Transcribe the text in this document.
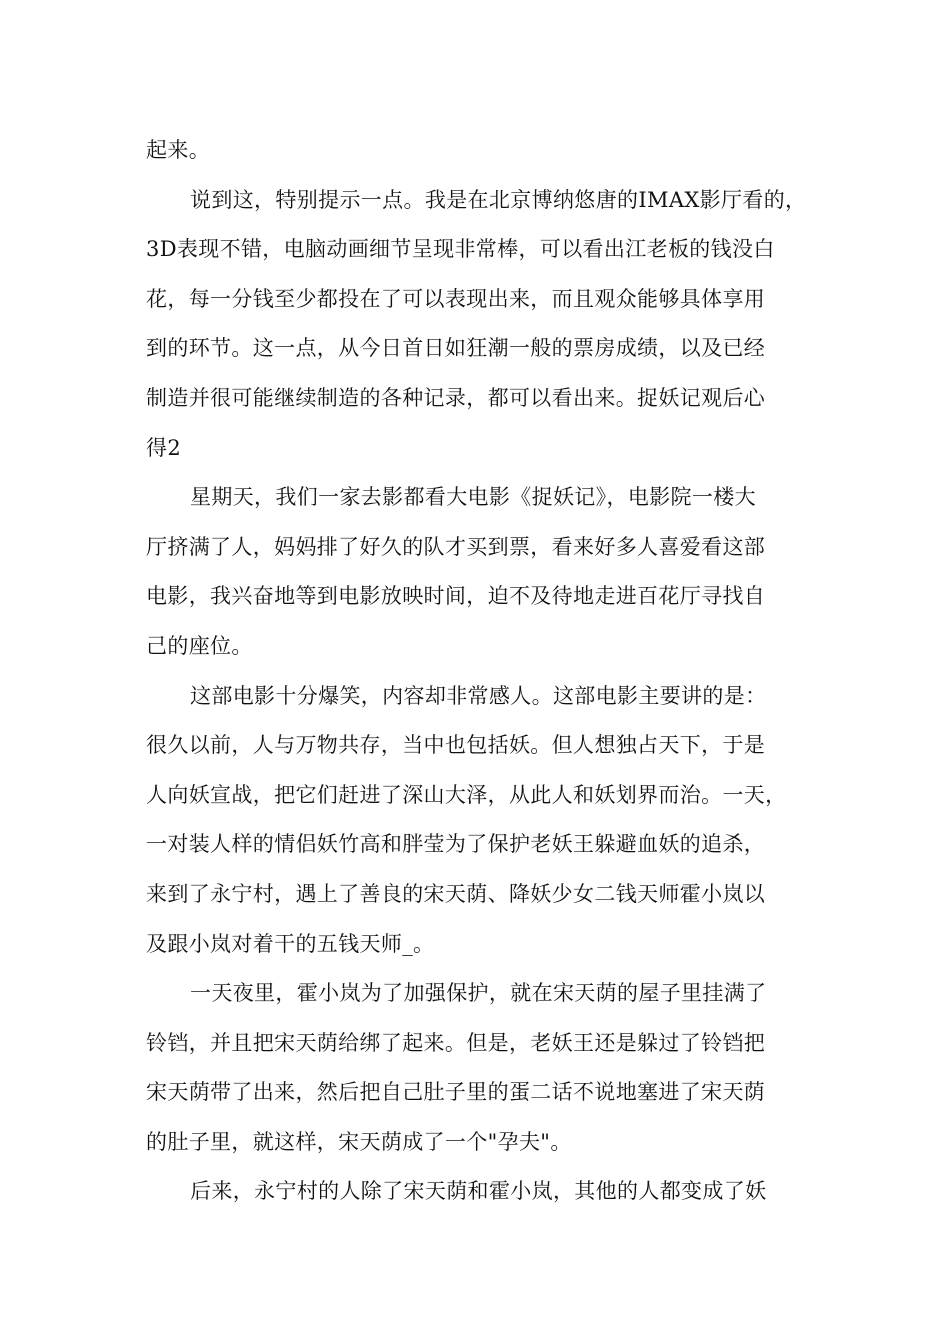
起来。
说到这，特别提示一点。我是在北京博纳悠唐的IMAX影厅看的，
3D表现不错，电脑动画细节呈现非常棒，可以看出江老板的钱没白
花，每一分钱至少都投在了可以表现出来，而且观众能够具体享用
到的环节。这一点，从今日首日如狂潮一般的票房成绩，以及已经
制造并很可能继续制造的各种记录，都可以看出来。捉妖记观后心
得2
星期天，我们一家去影都看大电影《捉妖记》，电影院一楼大
厅挤满了人，妈妈排了好久的队才买到票，看来好多人喜爱看这部
电影，我兴奋地等到电影放映时间，迫不及待地走进百花厅寻找自
己的座位。
这部电影十分爆笑，内容却非常感人。这部电影主要讲的是：
很久以前，人与万物共存，当中也包括妖。但人想独占天下，于是
人向妖宣战，把它们赶进了深山大泽，从此人和妖划界而治。一天，
一对装人样的情侣妖竹高和胖莹为了保护老妖王躲避血妖的追杀，
来到了永宁村，遇上了善良的宋天荫、降妖少女二钱天师霍小岚以
及跟小岚对着干的五钱天师_。
一天夜里，霍小岚为了加强保护，就在宋天荫的屋子里挂满了
铃铛，并且把宋天荫给绑了起来。但是，老妖王还是躲过了铃铛把
宋天荫带了出来，然后把自己肚子里的蛋二话不说地塞进了宋天荫
的肚子里，就这样，宋天荫成了一个"孕夫"。
后来，永宁村的人除了宋天荫和霍小岚，其他的人都变成了妖
